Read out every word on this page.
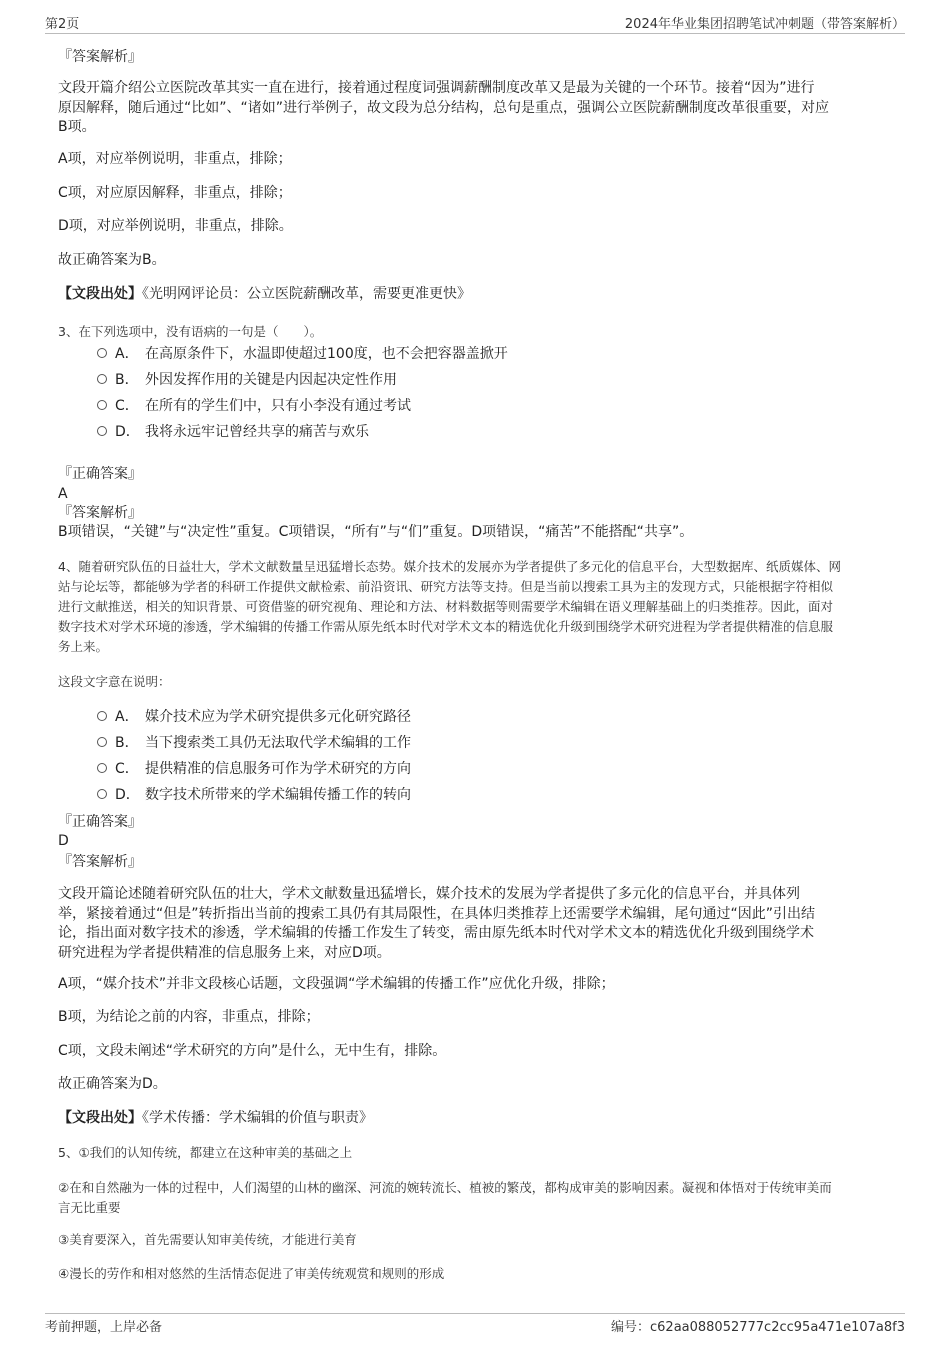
第2页	2024年华业集团招聘笔试冲刺题（带答案解析）
『答案解析』
文段开篇介绍公立医院改革其实一直在进行，接着通过程度词强调薪酬制度改革又是最为关键的一个环节。接着“因为”进行
原因解释，随后通过“比如”、“诸如”进行举例子，故文段为总分结构，总句是重点，强调公立医院薪酬制度改革很重要，对应
B项。
A项，对应举例说明，非重点，排除；
C项，对应原因解释，非重点，排除；
D项，对应举例说明，非重点，排除。
故正确答案为B。
【文段出处】《光明网评论员：公立医院薪酬改革，需要更准更快》
3、在下列选项中，没有语病的一句是（　　）。
A． 在高原条件下，水温即使超过100度，也不会把容器盖掀开
B． 外因发挥作用的关键是内因起决定性作用
C． 在所有的学生们中，只有小李没有通过考试
D． 我将永远牢记曾经共享的痛苦与欢乐
『正确答案』
A
『答案解析』
B项错误，“关键”与“决定性”重复。C项错误，“所有”与“们”重复。D项错误，“痛苦”不能搭配“共享”。
4、随着研究队伍的日益壮大，学术文献数量呈迅猛增长态势。媒介技术的发展亦为学者提供了多元化的信息平台，大型数据库、纸质媒体、网
站与论坛等，都能够为学者的科研工作提供文献检索、前沿资讯、研究方法等支持。但是当前以搜索工具为主的发现方式，只能根据字符相似
进行文献推送，相关的知识背景、可资借鉴的研究视角、理论和方法、材料数据等则需要学术编辑在语义理解基础上的归类推荐。因此，面对
数字技术对学术环境的渗透，学术编辑的传播工作需从原先纸本时代对学术文本的精选优化升级到围绕学术研究进程为学者提供精准的信息服
务上来。
这段文字意在说明：
A． 媒介技术应为学术研究提供多元化研究路径
B． 当下搜索类工具仍无法取代学术编辑的工作
C． 提供精准的信息服务可作为学术研究的方向
D． 数字技术所带来的学术编辑传播工作的转向
『正确答案』
D
『答案解析』
文段开篇论述随着研究队伍的壮大，学术文献数量迅猛增长，媒介技术的发展为学者提供了多元化的信息平台，并具体列
举，紧接着通过“但是”转折指出当前的搜索工具仍有其局限性，在具体归类推荐上还需要学术编辑，尾句通过“因此”引出结
论，指出面对数字技术的渗透，学术编辑的传播工作发生了转变，需由原先纸本时代对学术文本的精选优化升级到围绕学术
研究进程为学者提供精准的信息服务上来，对应D项。
A项，“媒介技术”并非文段核心话题，文段强调“学术编辑的传播工作”应优化升级，排除；
B项，为结论之前的内容，非重点，排除；
C项，文段未阐述“学术研究的方向”是什么，无中生有，排除。
故正确答案为D。
【文段出处】《学术传播：学术编辑的价值与职责》
5、①我们的认知传统，都建立在这种审美的基础之上
②在和自然融为一体的过程中，人们渴望的山林的幽深、河流的婉转流长、植被的繁茂，都构成审美的影响因素。凝视和体悟对于传统审美而
言无比重要
③美育要深入，首先需要认知审美传统，才能进行美育
④漫长的劳作和相对悠然的生活情态促进了审美传统观赏和规则的形成
考前押题，上岸必备	编号：c62aa088052777c2cc95a471e107a8f3
